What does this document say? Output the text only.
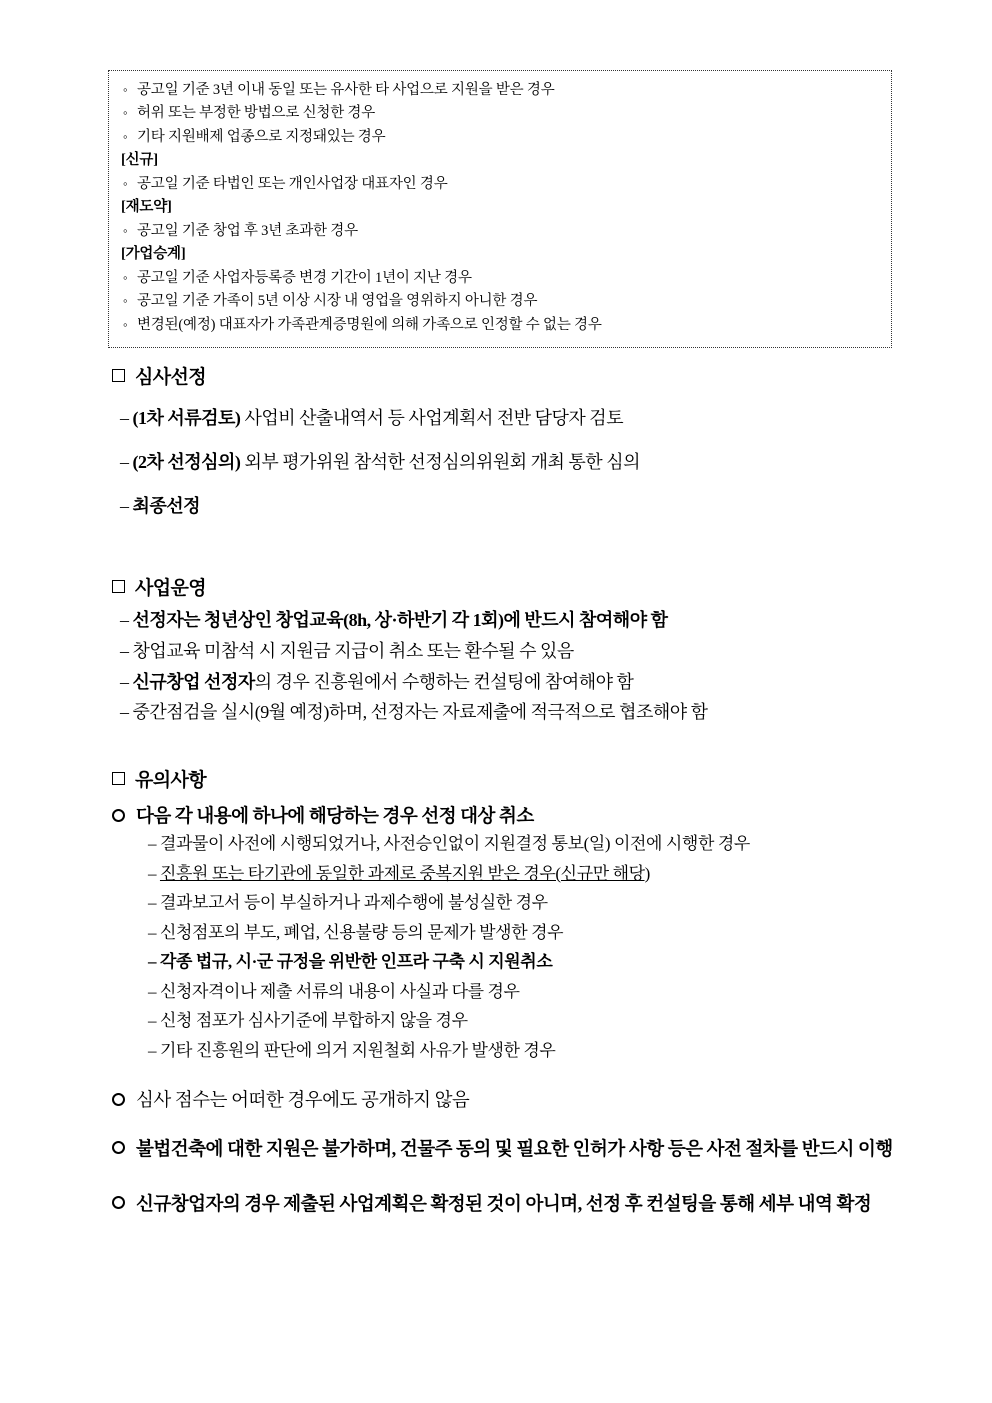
◦ 공고일 기준 3년 이내 동일 또는 유사한 타 사업으로 지원을 받은 경우
◦ 허위 또는 부정한 방법으로 신청한 경우
◦ 기타 지원배제 업종으로 지정돼있는 경우
[신규]
◦ 공고일 기준 타법인 또는 개인사업장 대표자인 경우
[재도약]
◦ 공고일 기준 창업 후 3년 초과한 경우
[가업승계]
◦ 공고일 기준 사업자등록증 변경 기간이 1년이 지난 경우
◦ 공고일 기준 가족이 5년 이상 시장 내 영업을 영위하지 아니한 경우
◦ 변경된(예정) 대표자가 가족관계증명원에 의해 가족으로 인정할 수 없는 경우
심사선정
– (1차 서류검토) 사업비 산출내역서 등 사업계획서 전반 담당자 검토
– (2차 선정심의) 외부 평가위원 참석한 선정심의위원회 개최 통한 심의
– 최종선정
사업운영
– 선정자는 청년상인 창업교육(8h, 상·하반기 각 1회)에 반드시 참여해야 함
– 창업교육 미참석 시 지원금 지급이 취소 또는 환수될 수 있음
– 신규창업 선정자의 경우 진흥원에서 수행하는 컨설팅에 참여해야 함
– 중간점검을 실시(9월 예정)하며, 선정자는 자료제출에 적극적으로 협조해야 함
유의사항
다음 각 내용에 하나에 해당하는 경우 선정 대상 취소
– 결과물이 사전에 시행되었거나, 사전승인없이 지원결정 통보(일) 이전에 시행한 경우
– 진흥원 또는 타기관에 동일한 과제로 중복지원 받은 경우(신규만 해당)
– 결과보고서 등이 부실하거나 과제수행에 불성실한 경우
– 신청점포의 부도, 폐업, 신용불량 등의 문제가 발생한 경우
– 각종 법규, 시·군 규정을 위반한 인프라 구축 시 지원취소
– 신청자격이나 제출 서류의 내용이 사실과 다를 경우
– 신청 점포가 심사기준에 부합하지 않을 경우
– 기타 진흥원의 판단에 의거 지원철회 사유가 발생한 경우
심사 점수는 어떠한 경우에도 공개하지 않음
불법건축에 대한 지원은 불가하며, 건물주 동의 및 필요한 인허가 사항 등은 사전 절차를 반드시 이행
신규창업자의 경우 제출된 사업계획은 확정된 것이 아니며, 선정 후 컨설팅을 통해 세부 내역 확정
